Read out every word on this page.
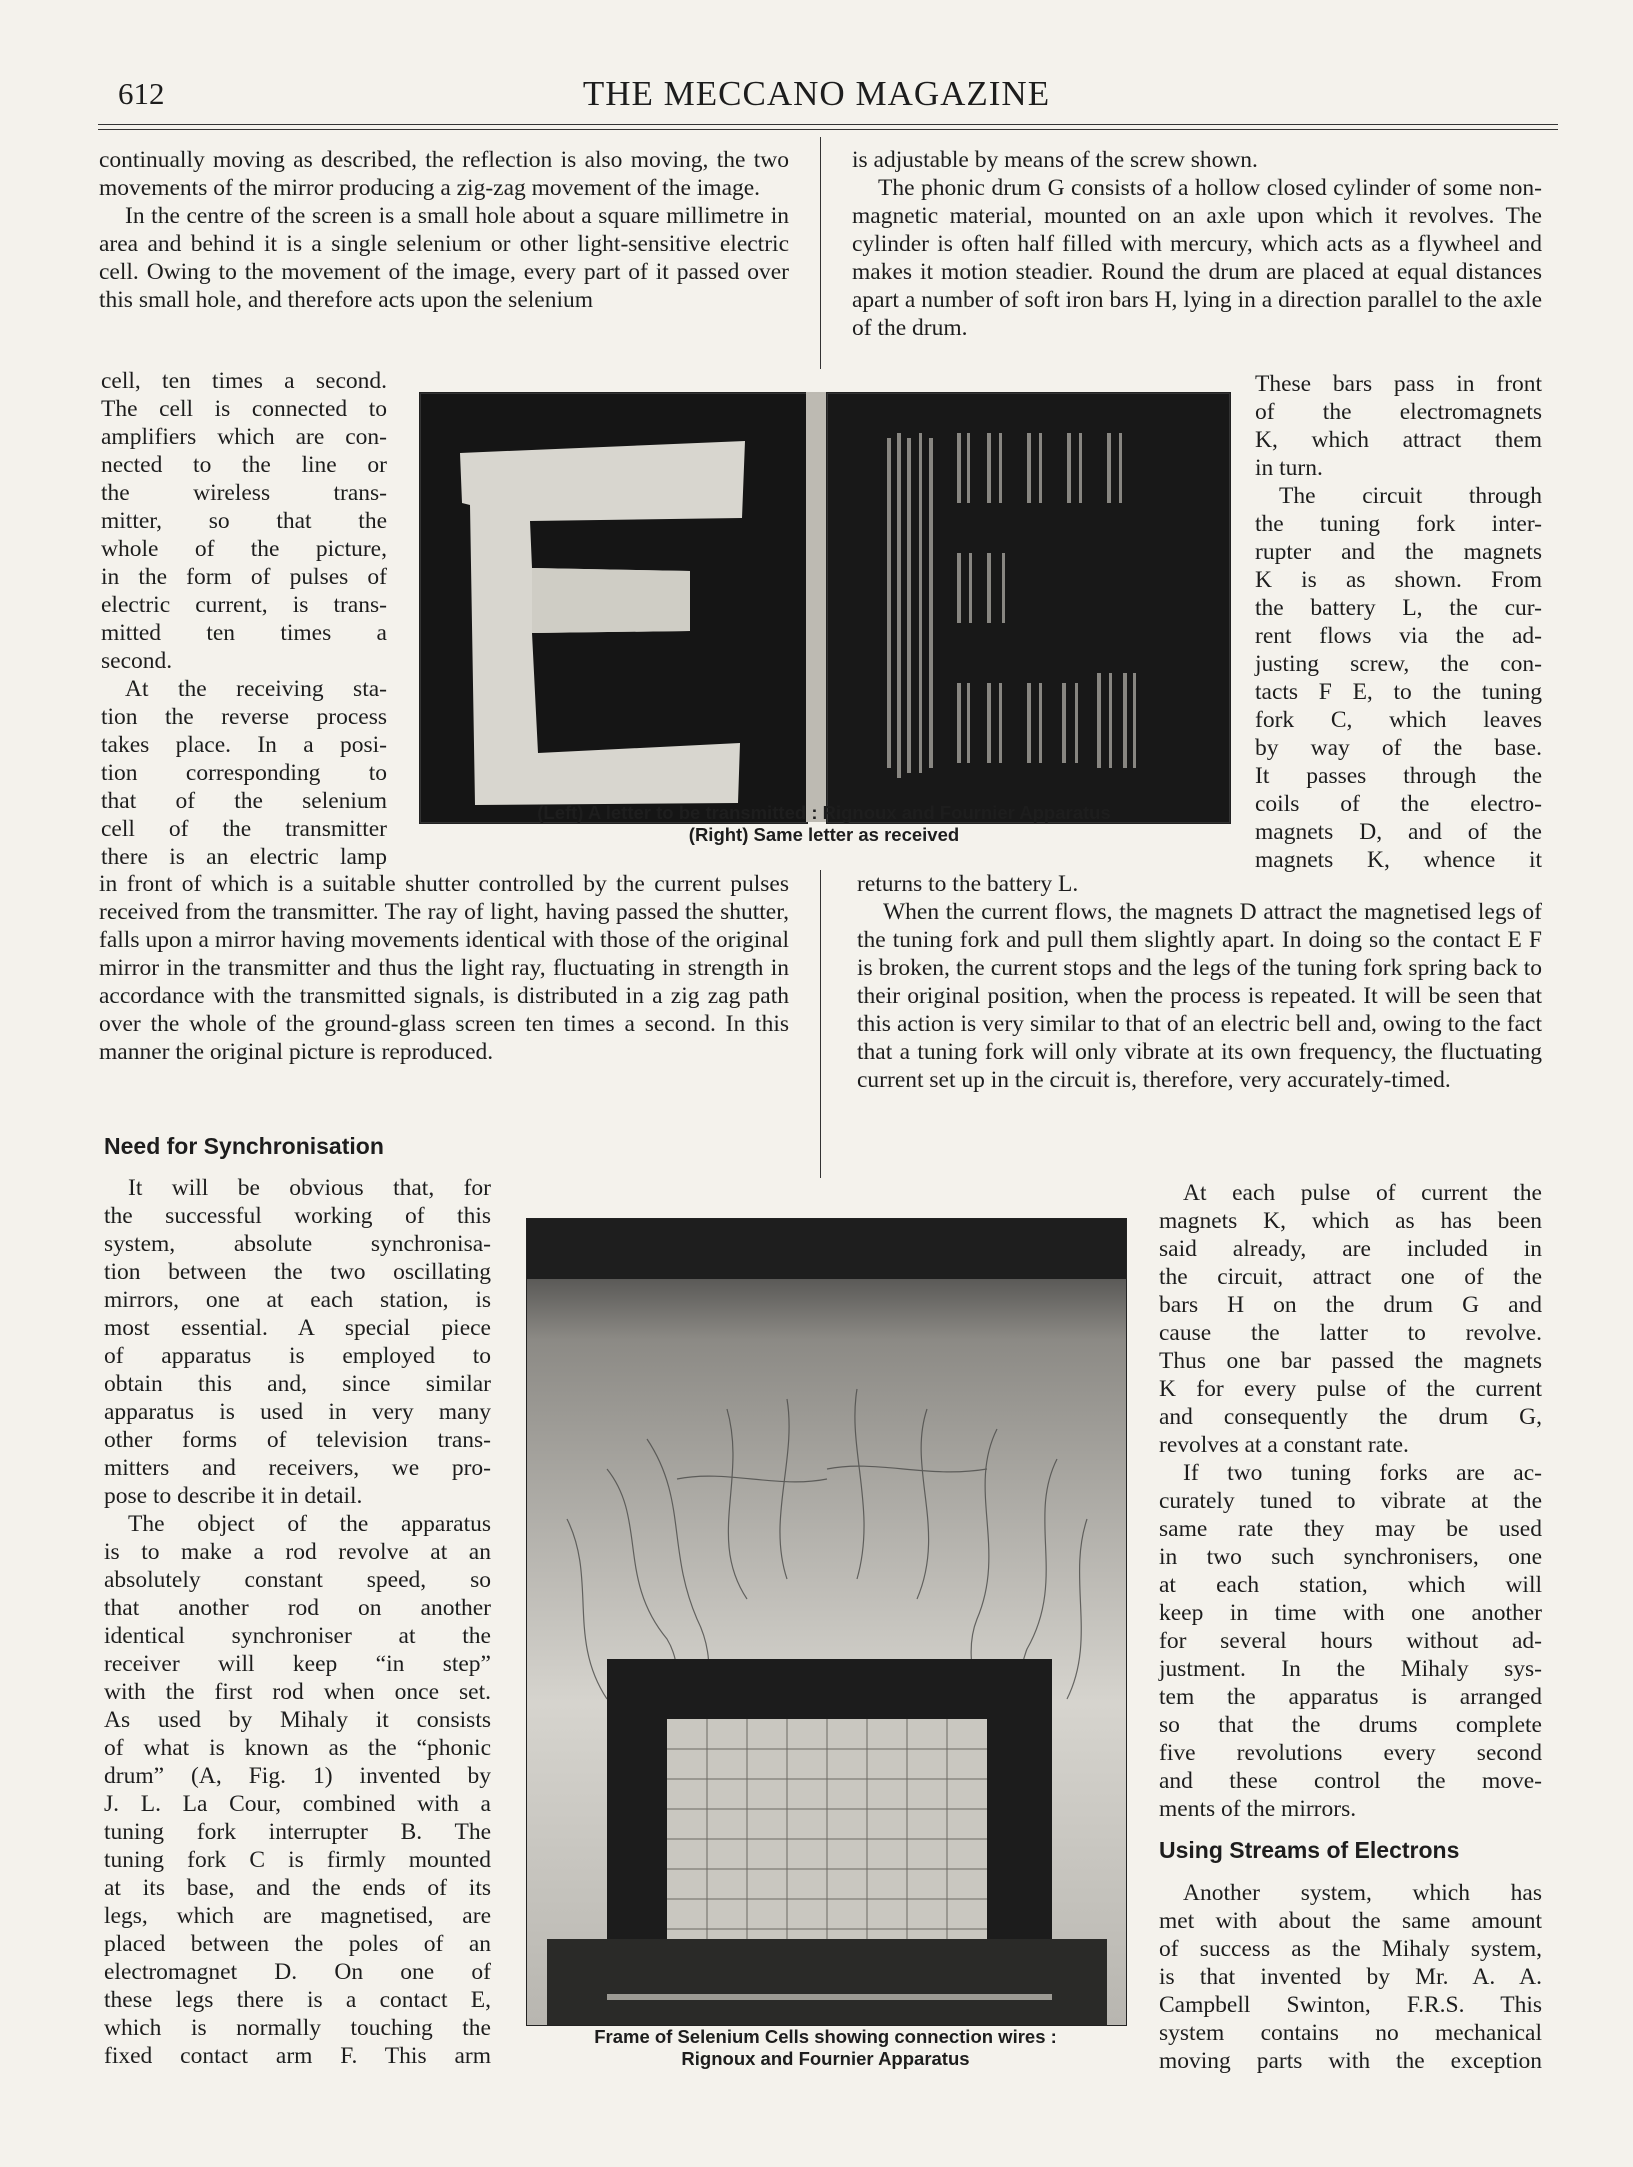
612	THE MECCANO MAGAZINE

continually moving as described, the reflection is also moving, the two movements of the mirror producing a zig-zag movement of the image.

In the centre of the screen is a small hole about a square millimetre in area and behind it is a single selenium or other light-sensitive electric cell. Owing to the movement of the image, every part of it passed over this small hole, and therefore acts upon the selenium

cell, ten times a second.
The cell is connected to
amplifiers which are con-
nected to the line or
the wireless trans-
mitter, so that the
whole of the picture,
in the form of pulses of
electric current, is trans-
mitted ten times a
second.
At the receiving sta-
tion the reverse process
takes place. In a posi-
tion corresponding to
that of the selenium
cell of the transmitter
there is an electric lamp
(Left) A letter to be transmitted : Rignoux and Fournier Apparatus
(Right) Same letter as received

in front of which is a suitable shutter controlled by the current pulses received from the transmitter. The ray of light, having passed the shutter, falls upon a mirror having movements identical with those of the original mirror in the transmitter and thus the light ray, fluctuating in strength in accordance with the transmitted signals, is distributed in a zig zag path over the whole of the ground-glass screen ten times a second. In this manner the original picture is reproduced.

Need for Synchronisation
It will be obvious that, for
the successful working of this
system, absolute synchronisa-
tion between the two oscillating
mirrors, one at each station, is
most essential. A special piece
of apparatus is employed to
obtain this and, since similar
apparatus is used in very many
other forms of television trans-
mitters and receivers, we pro-
pose to describe it in detail.
The object of the apparatus
is to make a rod revolve at an
absolutely constant speed, so
that another rod on another
identical synchroniser at the
receiver will keep “in step”
with the first rod when once set.
As used by Mihaly it consists
of what is known as the “phonic
drum” (A, Fig. 1) invented by
J. L. La Cour, combined with a
tuning fork interrupter B. The
tuning fork C is firmly mounted
at its base, and the ends of its
legs, which are magnetised, are
placed between the poles of an
electromagnet D. On one of
these legs there is a contact E,
which is normally touching the
fixed contact arm F. This arm

is adjustable by means of the screw shown.

The phonic drum G consists of a hollow closed cylinder of some non-magnetic material, mounted on an axle upon which it revolves. The cylinder is often half filled with mercury, which acts as a flywheel and makes it motion steadier. Round the drum are placed at equal distances apart a number of soft iron bars H, lying in a direction parallel to the axle of the drum.

These bars pass in front
of the electromagnets
K, which attract them
in turn.
The circuit through
the tuning fork inter-
rupter and the magnets
K is as shown. From
the battery L, the cur-
rent flows via the ad-
justing screw, the con-
tacts F E, to the tuning
fork C, which leaves
by way of the base.
It passes through the
coils of the electro-
magnets D, and of the
magnets K, whence it

returns to the battery L.

When the current flows, the magnets D attract the magnetised legs of the tuning fork and pull them slightly apart. In doing so the contact E F is broken, the current stops and the legs of the tuning fork spring back to their original position, when the process is repeated. It will be seen that this action is very similar to that of an electric bell and, owing to the fact that a tuning fork will only vibrate at its own frequency, the fluctuating current set up in the circuit is, therefore, very accurately-timed.

Frame of Selenium Cells showing connection wires :
Rignoux and Fournier Apparatus
At each pulse of current the
magnets K, which as has been
said already, are included in
the circuit, attract one of the
bars H on the drum G and
cause the latter to revolve.
Thus one bar passed the magnets
K for every pulse of the current
and consequently the drum G,
revolves at a constant rate.
If two tuning forks are ac-
curately tuned to vibrate at the
same rate they may be used
in two such synchronisers, one
at each station, which will
keep in time with one another
for several hours without ad-
justment. In the Mihaly sys-
tem the apparatus is arranged
so that the drums complete
five revolutions every second
and these control the move-
ments of the mirrors.
Using Streams of Electrons
Another system, which has
met with about the same amount
of success as the Mihaly system,
is that invented by Mr. A. A.
Campbell Swinton, F.R.S. This
system contains no mechanical
moving parts with the exception
